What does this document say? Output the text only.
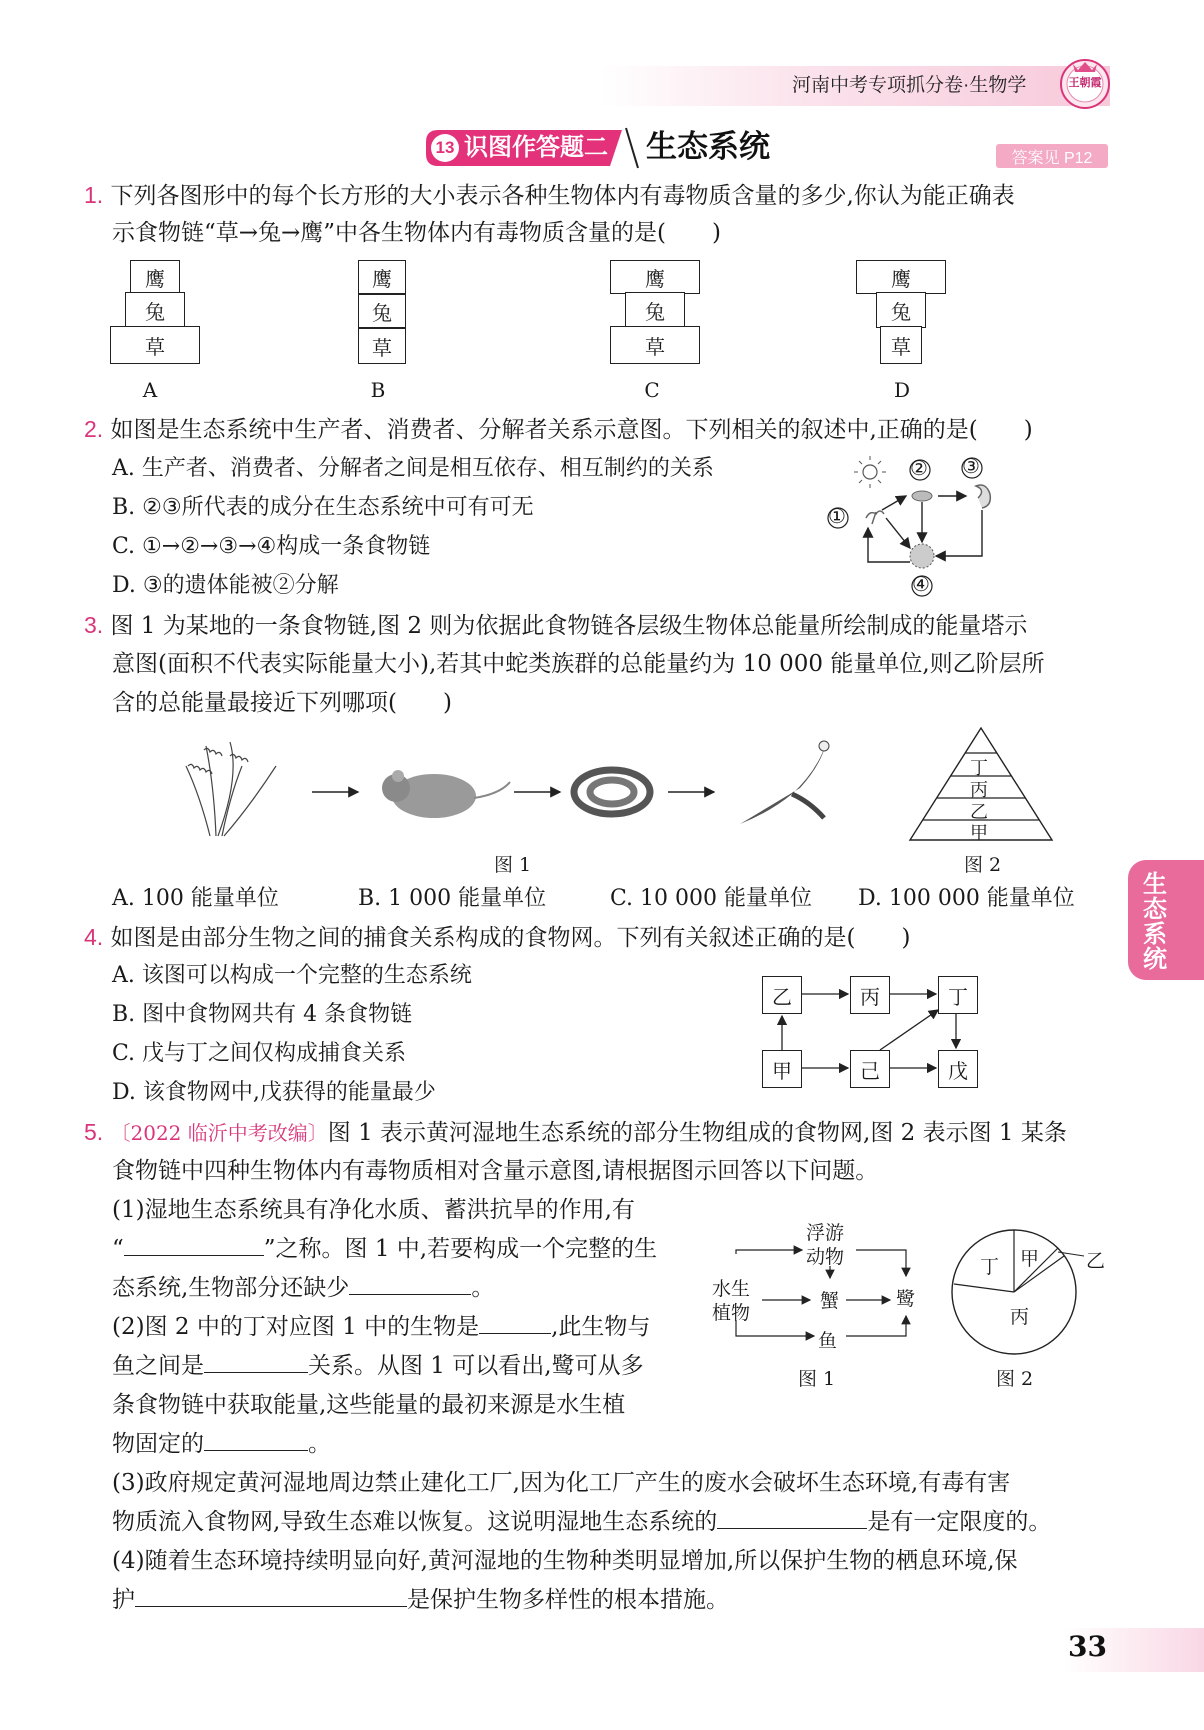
河南中考专项抓分卷·生物学	王朝霞
13 识图作答题二 生态系统	答案见 P12
生态系统
1. 下列各图形中的每个长方形的大小表示各种生物体内有毒物质含量的多少,你认为能正确表
示食物链“草→兔→鹰”中各生物体内有毒物质含量的是(　　)
鹰
兔
草
鹰
兔
草
鹰
兔
草
鹰
兔
草
A	B	C	D
2. 如图是生态系统中生产者、消费者、分解者关系示意图。下列相关的叙述中,正确的是(　　)
A. 生产者、消费者、分解者之间是相互依存、相互制约的关系
B. ②③所代表的成分在生态系统中可有可无
C. ①→②→③→④构成一条食物链
D. ③的遗体能被②分解
①
② ③
④
3. 图 1 为某地的一条食物链,图 2 则为依据此食物链各层级生物体总能量所绘制成的能量塔示
意图(面积不代表实际能量大小),若其中蛇类族群的总能量约为 10 000 能量单位,则乙阶层所
含的总能量最接近下列哪项(　　)
图 1
丁
丙
乙
甲
图 2
A. 100 能量单位	B. 1 000 能量单位	C. 10 000 能量单位 D. 100 000 能量单位
4. 如图是由部分生物之间的捕食关系构成的食物网。下列有关叙述正确的是(　　)
A. 该图可以构成一个完整的生态系统
B. 图中食物网共有 4 条食物链
C. 戊与丁之间仅构成捕食关系
D. 该食物网中,戊获得的能量最少
乙	丙	丁
甲	己	戊
5. 〔2022 临沂中考改编〕图 1 表示黄河湿地生态系统的部分生物组成的食物网,图 2 表示图 1 某条
食物链中四种生物体内有毒物质相对含量示意图,请根据图示回答以下问题。
(1)湿地生态系统具有净化水质、蓄洪抗旱的作用,有
“	”之称。图 1 中,若要构成一个完整的生
态系统,生物部分还缺少	。
(2)图 2 中的丁对应图 1 中的生物是	,此生物与
鱼之间是	关系。从图 1 可以看出,鹭可从多
条食物链中获取能量,这些能量的最初来源是水生植
物固定的	。
(3)政府规定黄河湿地周边禁止建化工厂,因为化工厂产生的废水会破坏生态环境,有毒有害
物质流入食物网,导致生态难以恢复。这说明湿地生态系统的	是有一定限度的。
(4)随着生态环境持续明显向好,黄河湿地的生物种类明显增加,所以保护生物的栖息环境,保
护	是保护生物多样性的根本措施。
浮游
动物
水生
植物
蟹	鹭
鱼
图 1
甲 乙
丁
丙
图 2
33
